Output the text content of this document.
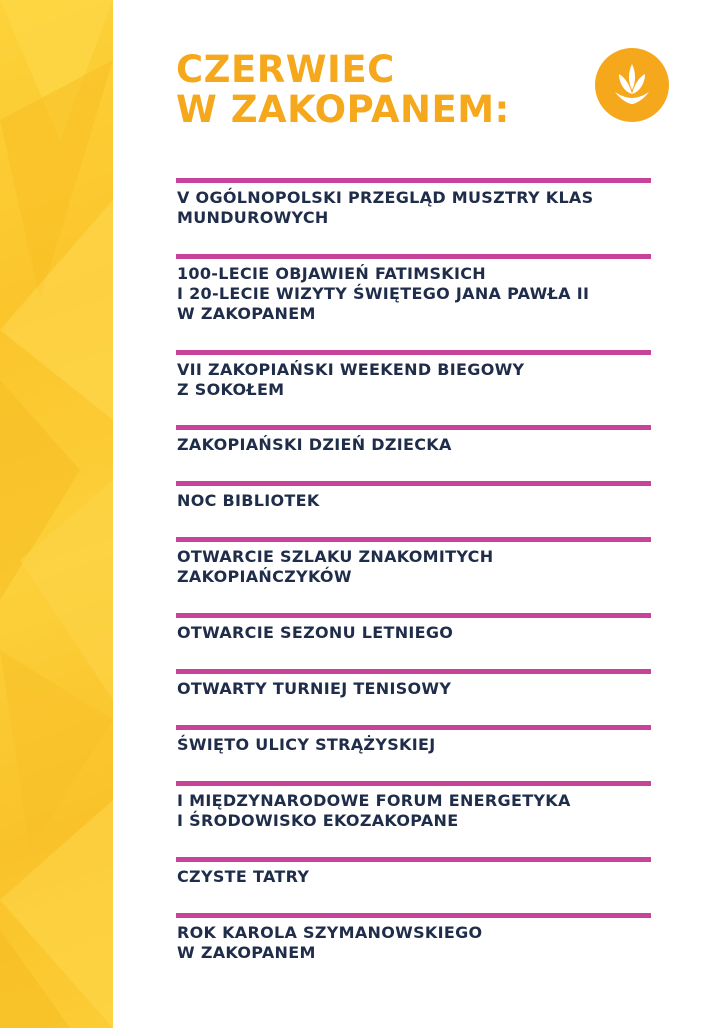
CZERWIEC
W ZAKOPANEM:

V OGÓLNOPOLSKI PRZEGLĄD MUSZTRY KLAS
MUNDUROWYCH

100-LECIE OBJAWIEŃ FATIMSKICH
I 20-LECIE WIZYTY ŚWIĘTEGO JANA PAWŁA II
W ZAKOPANEM

VII ZAKOPIAŃSKI WEEKEND BIEGOWY
Z SOKOŁEM

ZAKOPIAŃSKI DZIEŃ DZIECKA

NOC BIBLIOTEK

OTWARCIE SZLAKU ZNAKOMITYCH
ZAKOPIAŃCZYKÓW

OTWARCIE SEZONU LETNIEGO

OTWARTY TURNIEJ TENISOWY

ŚWIĘTO ULICY STRĄŻYSKIEJ

I MIĘDZYNARODOWE FORUM ENERGETYKA
I ŚRODOWISKO EKOZAKOPANE

CZYSTE TATRY

ROK KAROLA SZYMANOWSKIEGO
W ZAKOPANEM
